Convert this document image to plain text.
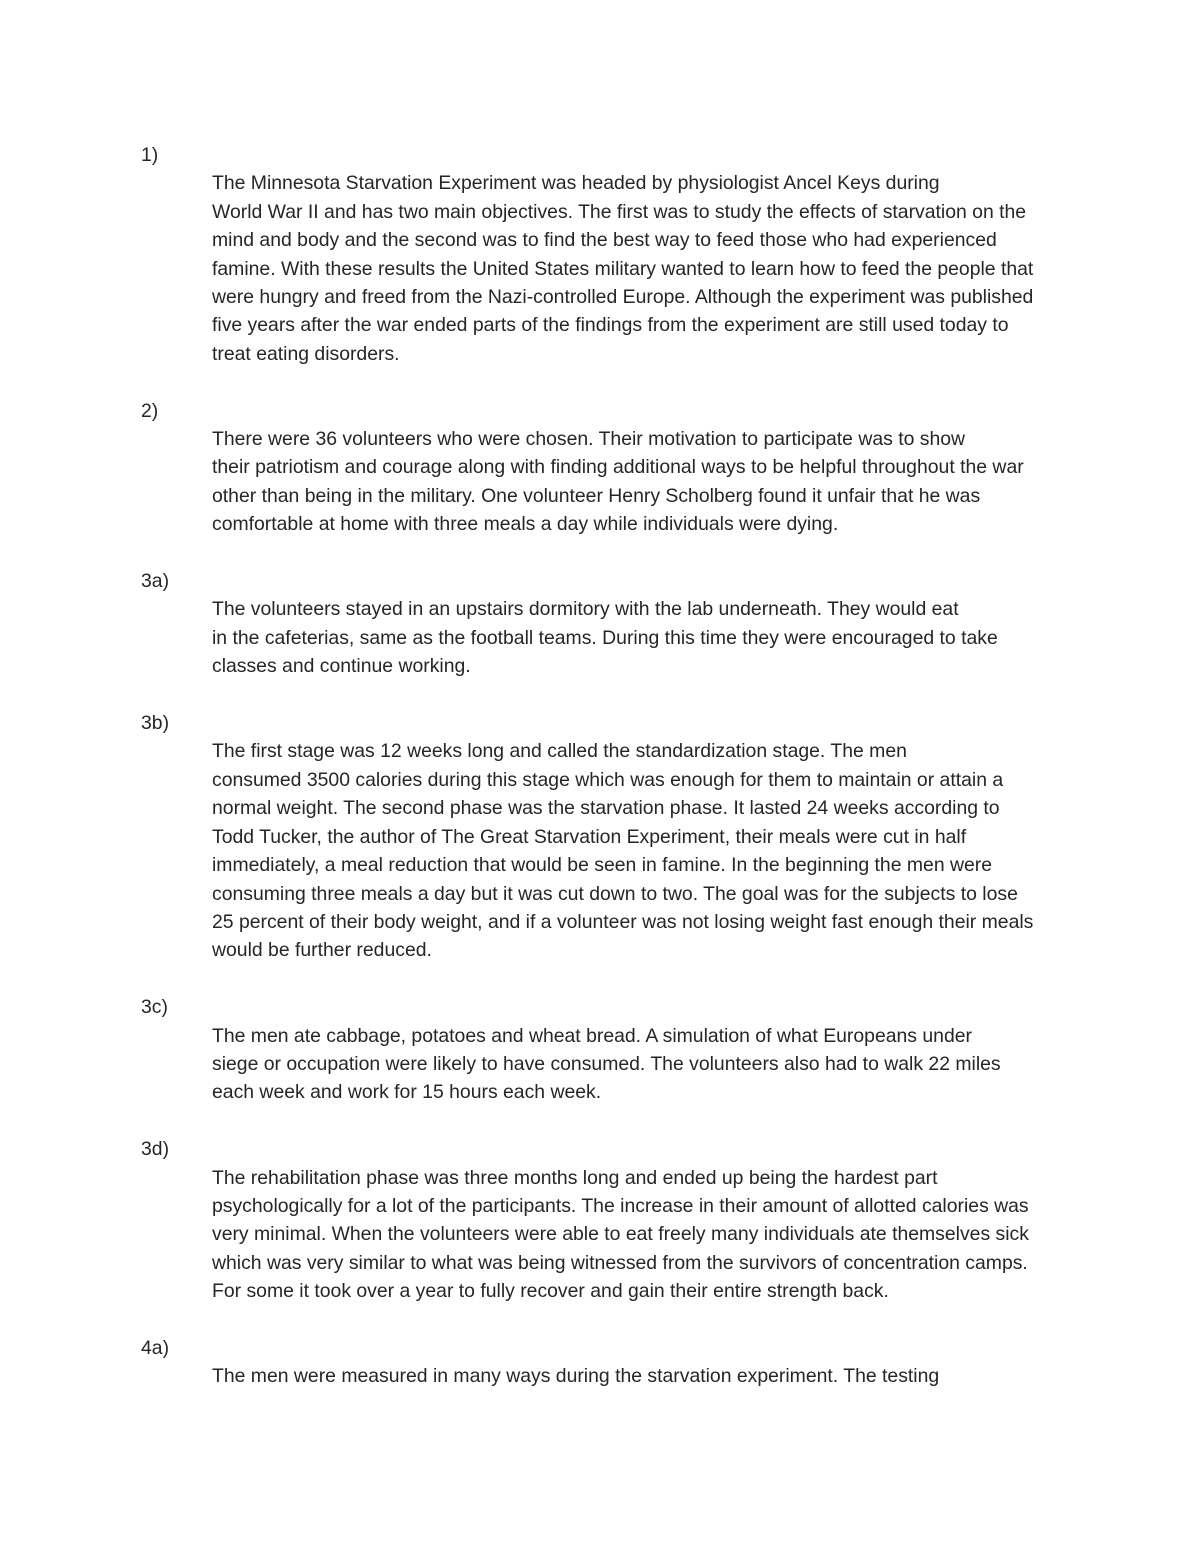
1)
The Minnesota Starvation Experiment was headed by physiologist Ancel Keys during
World War II and has two main objectives. The first was to study the effects of starvation on the
mind and body and the second was to find the best way to feed those who had experienced
famine. With these results the United States military wanted to learn how to feed the people that
were hungry and freed from the Nazi-controlled Europe. Although the experiment was published
five years after the war ended parts of the findings from the experiment are still used today to
treat eating disorders.
2)
There were 36 volunteers who were chosen. Their motivation to participate was to show
their patriotism and courage along with finding additional ways to be helpful throughout the war
other than being in the military. One volunteer Henry Scholberg found it unfair that he was
comfortable at home with three meals a day while individuals were dying.
3a)
The volunteers stayed in an upstairs dormitory with the lab underneath. They would eat
in the cafeterias, same as the football teams. During this time they were encouraged to take
classes and continue working.
3b)
The first stage was 12 weeks long and called the standardization stage. The men
consumed 3500 calories during this stage which was enough for them to maintain or attain a
normal weight. The second phase was the starvation phase. It lasted 24 weeks according to
Todd Tucker, the author of The Great Starvation Experiment, their meals were cut in half
immediately, a meal reduction that would be seen in famine. In the beginning the men were
consuming three meals a day but it was cut down to two. The goal was for the subjects to lose
25 percent of their body weight, and if a volunteer was not losing weight fast enough their meals
would be further reduced.
3c)
The men ate cabbage, potatoes and wheat bread. A simulation of what Europeans under
siege or occupation were likely to have consumed. The volunteers also had to walk 22 miles
each week and work for 15 hours each week.
3d)
The rehabilitation phase was three months long and ended up being the hardest part
psychologically for a lot of the participants. The increase in their amount of allotted calories was
very minimal. When the volunteers were able to eat freely many individuals ate themselves sick
which was very similar to what was being witnessed from the survivors of concentration camps.
For some it took over a year to fully recover and gain their entire strength back.
4a)
The men were measured in many ways during the starvation experiment. The testing
